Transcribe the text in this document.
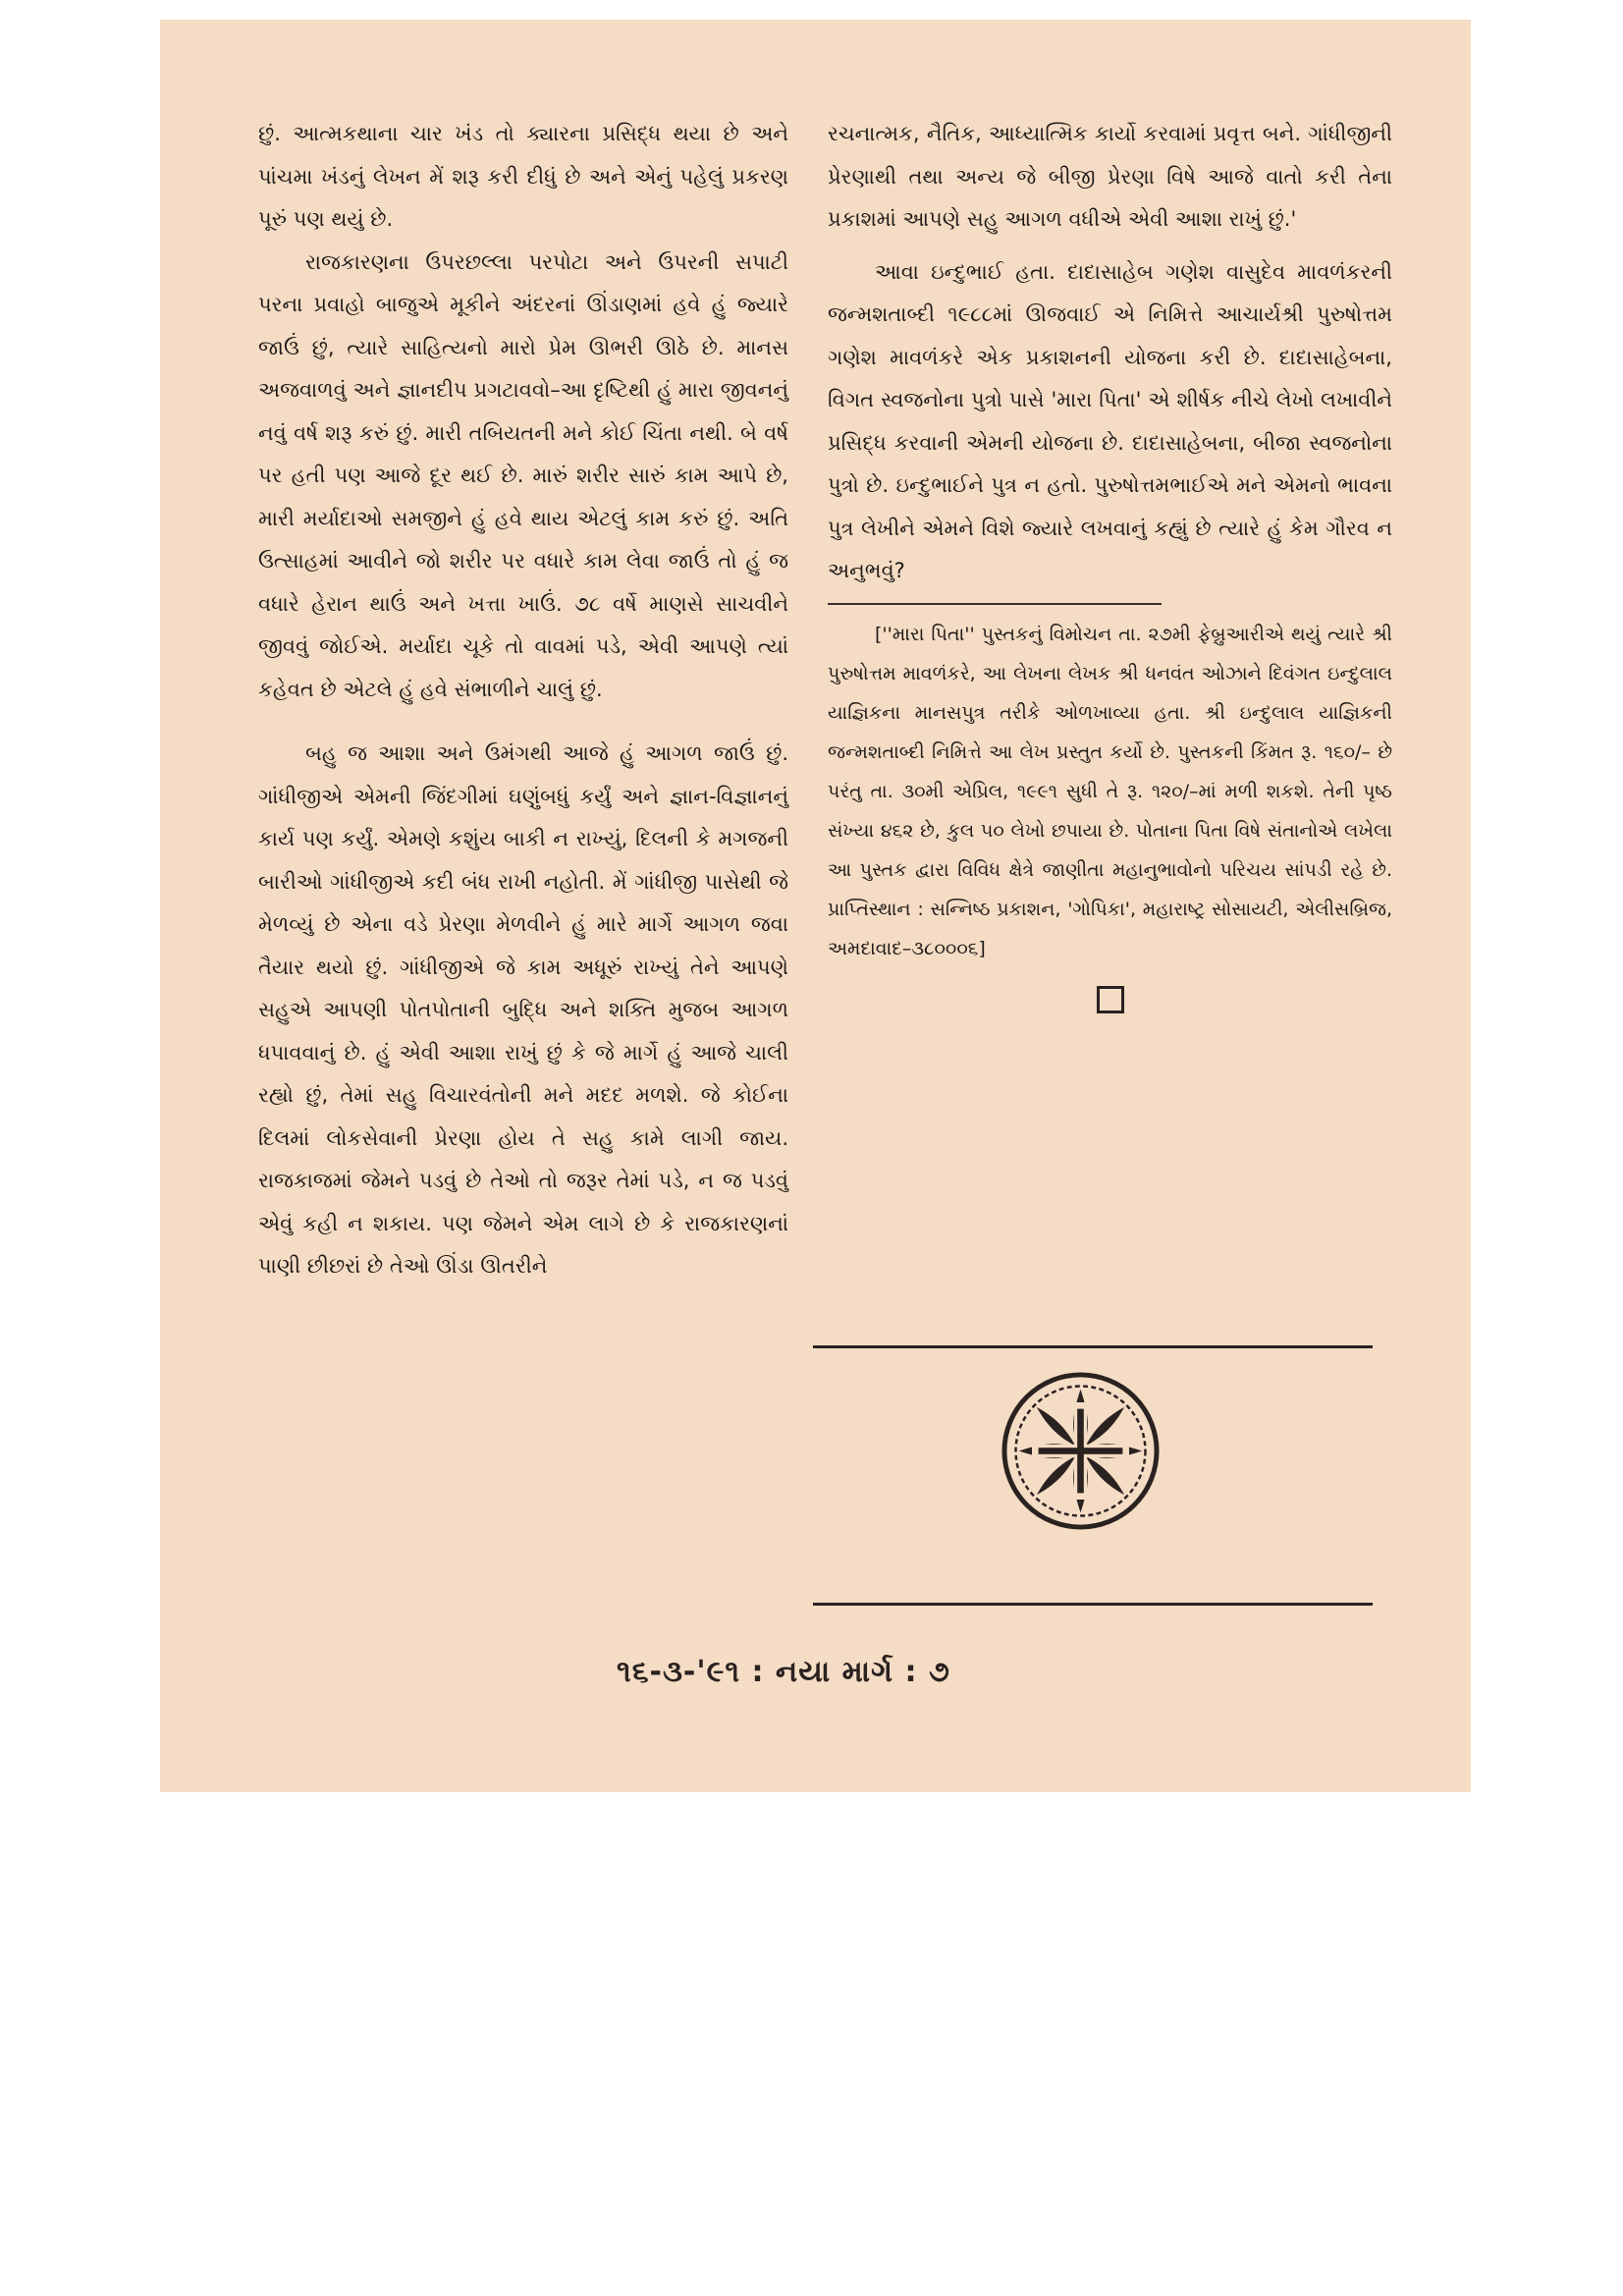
છું. આત્મકથાના ચાર ખંડ તો ક્યારના પ્રસિદ્ધ થયા છે અને પાંચમા ખંડનું લેખન મેં શરૂ કરી દીધું છે અને એનું પહેલું પ્રકરણ પૂરું પણ થયું છે.

રાજકારણના ઉપરછલ્લા પરપોટા અને ઉપરની સપાટી પરના પ્રવાહો બાજુએ મૂકીને અંદરનાં ઊંડાણમાં હવે હું જ્યારે જાઉં છું, ત્યારે સાહિત્યનો મારો પ્રેમ ઊભરી ઊઠે છે. માનસ અજવાળવું અને જ્ઞાનદીપ પ્રગટાવવો–આ દૃષ્ટિથી હું મારા જીવનનું નવું વર્ષ શરૂ કરું છું. મારી તબિયતની મને કોઈ ચિંતા નથી. બે વર્ષ પર હતી પણ આજે દૂર થઈ છે. મારું શરીર સારું કામ આપે છે, મારી મર્યાદાઓ સમજીને હું હવે થાય એટલું કામ કરું છું. અતિ ઉત્સાહમાં આવીને જો શરીર પર વધારે કામ લેવા જાઉં તો હું જ વધારે હેરાન થાઉં અને ખત્તા ખાઉં. ૭૮ વર્ષે માણસે સાચવીને જીવવું જોઈએ. મર્યાદા ચૂકે તો વાવમાં પડે, એવી આપણે ત્યાં કહેવત છે એટલે હું હવે સંભાળીને ચાલું છું.

બહુ જ આશા અને ઉમંગથી આજે હું આગળ જાઉં છું. ગાંધીજીએ એમની જિંદગીમાં ઘણુંબધું કર્યું અને જ્ઞાન-વિજ્ઞાનનું કાર્ય પણ કર્યું. એમણે કશુંય બાકી ન રાખ્યું, દિલની કે મગજની બારીઓ ગાંધીજીએ કદી બંધ રાખી નહોતી. મેં ગાંધીજી પાસેથી જે મેળવ્યું છે એના વડે પ્રેરણા મેળવીને હું મારે માર્ગે આગળ જવા તૈયાર થયો છું. ગાંધીજીએ જે કામ અધૂરું રાખ્યું તેને આપણે સહુએ આપણી પોતપોતાની બુદ્ધિ અને શક્તિ મુજબ આગળ ધપાવવાનું છે. હું એવી આશા રાખું છું કે જે માર્ગે હું આજે ચાલી રહ્યો છું, તેમાં સહુ વિચારવંતોની મને મદદ મળશે. જે કોઈના દિલમાં લોકસેવાની પ્રેરણા હોય તે સહુ કામે લાગી જાય. રાજકાજમાં જેમને પડવું છે તેઓ તો જરૂર તેમાં પડે, ન જ પડવું એવું કહી ન શકાય. પણ જેમને એમ લાગે છે કે રાજકારણનાં પાણી છીછરાં છે તેઓ ઊંડા ઊતરીને

રચનાત્મક, નૈતિક, આધ્યાત્મિક કાર્યો કરવામાં પ્રવૃત્ત બને. ગાંધીજીની પ્રેરણાથી તથા અન્ય જે બીજી પ્રેરણા વિષે આજે વાતો કરી તેના પ્રકાશમાં આપણે સહુ આગળ વધીએ એવી આશા રાખું છું.'

આવા ઇન્દુભાઈ હતા. દાદાસાહેબ ગણેશ વાસુદેવ માવળંકરની જન્મશતાબ્દી ૧૯૮૮માં ઊજવાઈ એ નિમિત્તે આચાર્યશ્રી પુરુષોત્તમ ગણેશ માવળંકરે એક પ્રકાશનની યોજના કરી છે. દાદાસાહેબના, વિગત સ્વજનોના પુત્રો પાસે 'મારા પિતા' એ શીર્ષક નીચે લેખો લખાવીને પ્રસિદ્ધ કરવાની એમની યોજના છે. દાદાસાહેબના, બીજા સ્વજનોના પુત્રો છે. ઇન્દુભાઈને પુત્ર ન હતો. પુરુષોત્તમભાઈએ મને એમનો ભાવના પુત્ર લેખીને એમને વિશે જ્યારે લખવાનું કહ્યું છે ત્યારે હું કેમ ગૌરવ ન અનુભવું?

[''મારા પિતા'' પુસ્તકનું વિમોચન તા. ૨૭મી ફેબ્રુઆરીએ થયું ત્યારે શ્રી પુરુષોત્તમ માવળંકરે, આ લેખના લેખક શ્રી ધનવંત ઓઝાને દિવંગત ઇન્દુલાલ યાજ્ઞિકના માનસપુત્ર તરીકે ઓળખાવ્યા હતા. શ્રી ઇન્દુલાલ યાજ્ઞિકની જન્મશતાબ્દી નિમિત્તે આ લેખ પ્રસ્તુત કર્યો છે. પુસ્તકની કિંમત રૂ. ૧૬૦/– છે પરંતુ તા. ૩૦મી એપ્રિલ, ૧૯૯૧ સુધી તે રૂ. ૧૨૦/–માં મળી શકશે. તેની પૃષ્ઠ સંખ્યા ૪૬૨ છે, કુલ ૫૦ લેખો છપાયા છે. પોતાના પિતા વિષે સંતાનોએ લખેલા આ પુસ્તક દ્વારા વિવિધ ક્ષેત્રે જાણીતા મહાનુભાવોનો પરિચય સાંપડી રહે છે. પ્રાપ્તિસ્થાન : સન્નિષ્ઠ પ્રકાશન, 'ગોપિકા', મહારાષ્ટ્ર સોસાયટી, એલીસબ્રિજ, અમદાવાદ–૩૮૦૦૦૬]

૧૬-૩-'૯૧ : નયા માર્ગ : ૭
